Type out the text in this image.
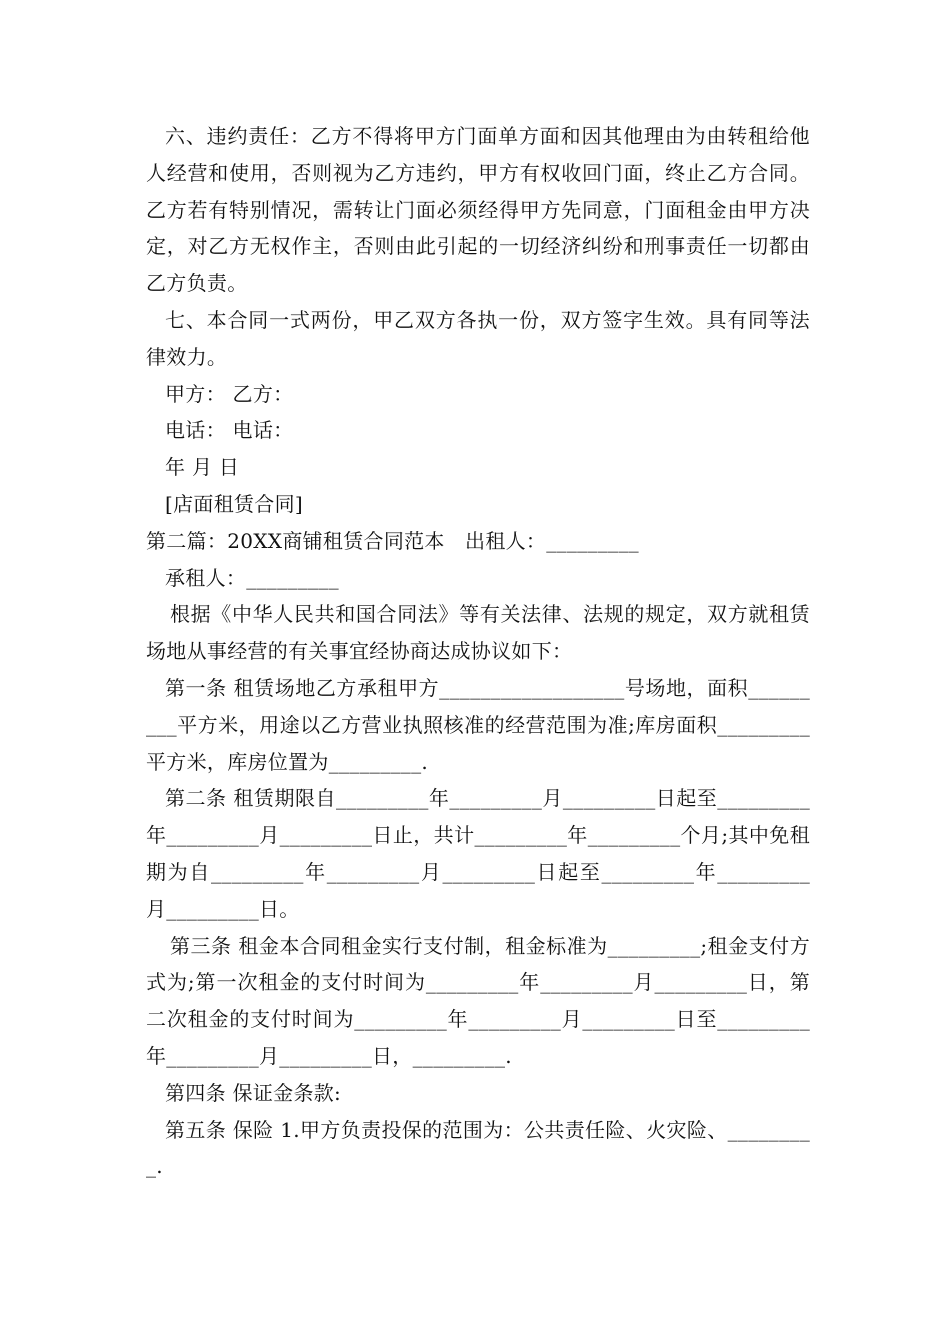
六、违约责任：乙方不得将甲方门面单方面和因其他理由为由转租给他人经营和使用，否则视为乙方违约，甲方有权收回门面，终止乙方合同。乙方若有特别情况，需转让门面必须经得甲方先同意，门面租金由甲方决定，对乙方无权作主，否则由此引起的一切经济纠纷和刑事责任一切都由乙方负责。

七、本合同一式两份，甲乙双方各执一份，双方签字生效。具有同等法律效力。

甲方： 乙方：

电话： 电话：

年 月 日

[店面租赁合同]

第二篇：20XX商铺租赁合同范本　出租人：_________

承租人：_________

根据《中华人民共和国合同法》等有关法律、法规的规定，双方就租赁场地从事经营的有关事宜经协商达成协议如下：

第一条 租赁场地乙方承租甲方__________________号场地，面积_________平方米，用途以乙方营业执照核准的经营范围为准;库房面积_________平方米，库房位置为_________.

第二条 租赁期限自_________年_________月_________日起至_________年_________月_________日止，共计_________年_________个月;其中免租期为自_________年_________月_________日起至_________年_________月_________日。

第三条 租金本合同租金实行支付制，租金标准为_________;租金支付方式为;第一次租金的支付时间为_________年_________月_________日，第二次租金的支付时间为_________年_________月_________日至_________年_________月_________日，_________.

第四条 保证金条款:

第五条 保险 1.甲方负责投保的范围为：公共责任险、火灾险、_________.
